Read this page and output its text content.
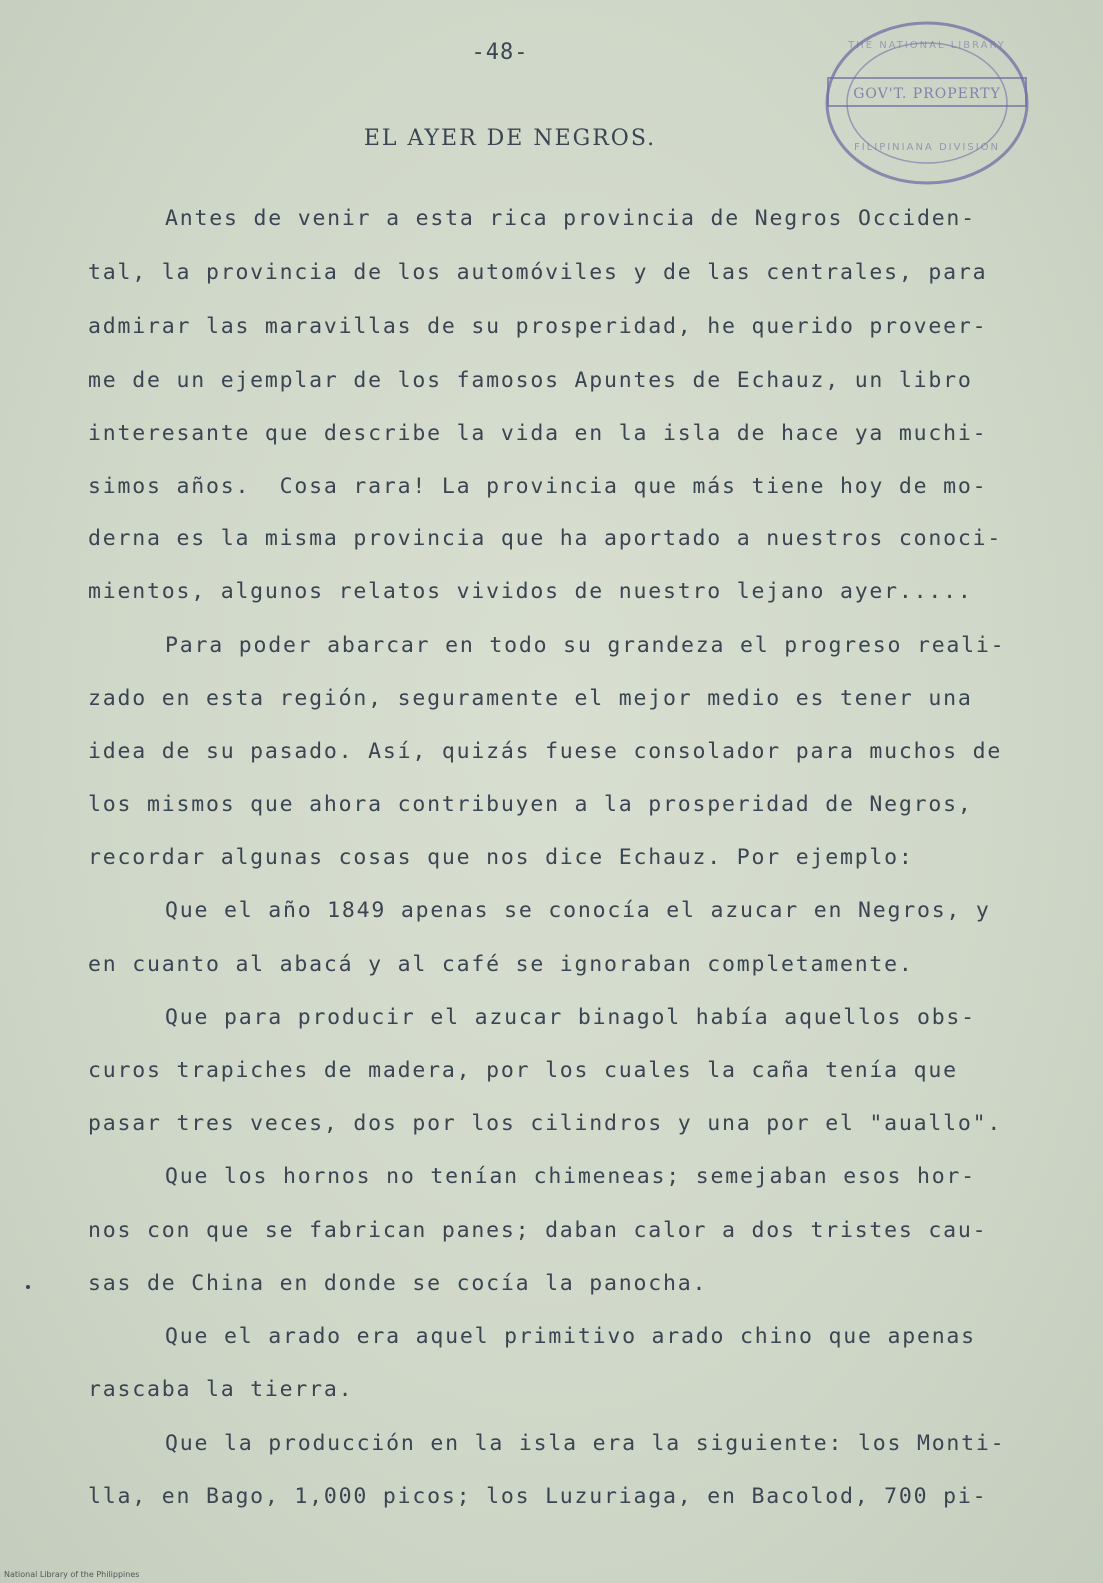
GOV'T. PROPERTY
THE NATIONAL LIBRARY
FILIPINIANA DIVISION
-48-
EL AYER DE NEGROS.
Antes de venir a esta rica provincia de Negros Occiden-
tal, la provincia de los automóviles y de las centrales, para
admirar las maravillas de su prosperidad, he querido proveer-
me de un ejemplar de los famosos Apuntes de Echauz, un libro
interesante que describe la vida en la isla de hace ya muchi-
simos años.  Cosa rara! La provincia que más tiene hoy de mo-
derna es la misma provincia que ha aportado a nuestros conoci-
mientos, algunos relatos vividos de nuestro lejano ayer.....
Para poder abarcar en todo su grandeza el progreso reali-
zado en esta región, seguramente el mejor medio es tener una
idea de su pasado. Así, quizás fuese consolador para muchos de
los mismos que ahora contribuyen a la prosperidad de Negros,
recordar algunas cosas que nos dice Echauz. Por ejemplo:
Que el año 1849 apenas se conocía el azucar en Negros, y
en cuanto al abacá y al café se ignoraban completamente.
Que para producir el azucar binagol había aquellos obs-
curos trapiches de madera, por los cuales la caña tenía que
pasar tres veces, dos por los cilindros y una por el "auallo".
Que los hornos no tenían chimeneas; semejaban esos hor-
nos con que se fabrican panes; daban calor a dos tristes cau-
sas de China en donde se cocía la panocha.
Que el arado era aquel primitivo arado chino que apenas
rascaba la tierra.
Que la producción en la isla era la siguiente: los Monti-
lla, en Bago, 1,000 picos; los Luzuriaga, en Bacolod, 700 pi-
National Library of the Philippines
